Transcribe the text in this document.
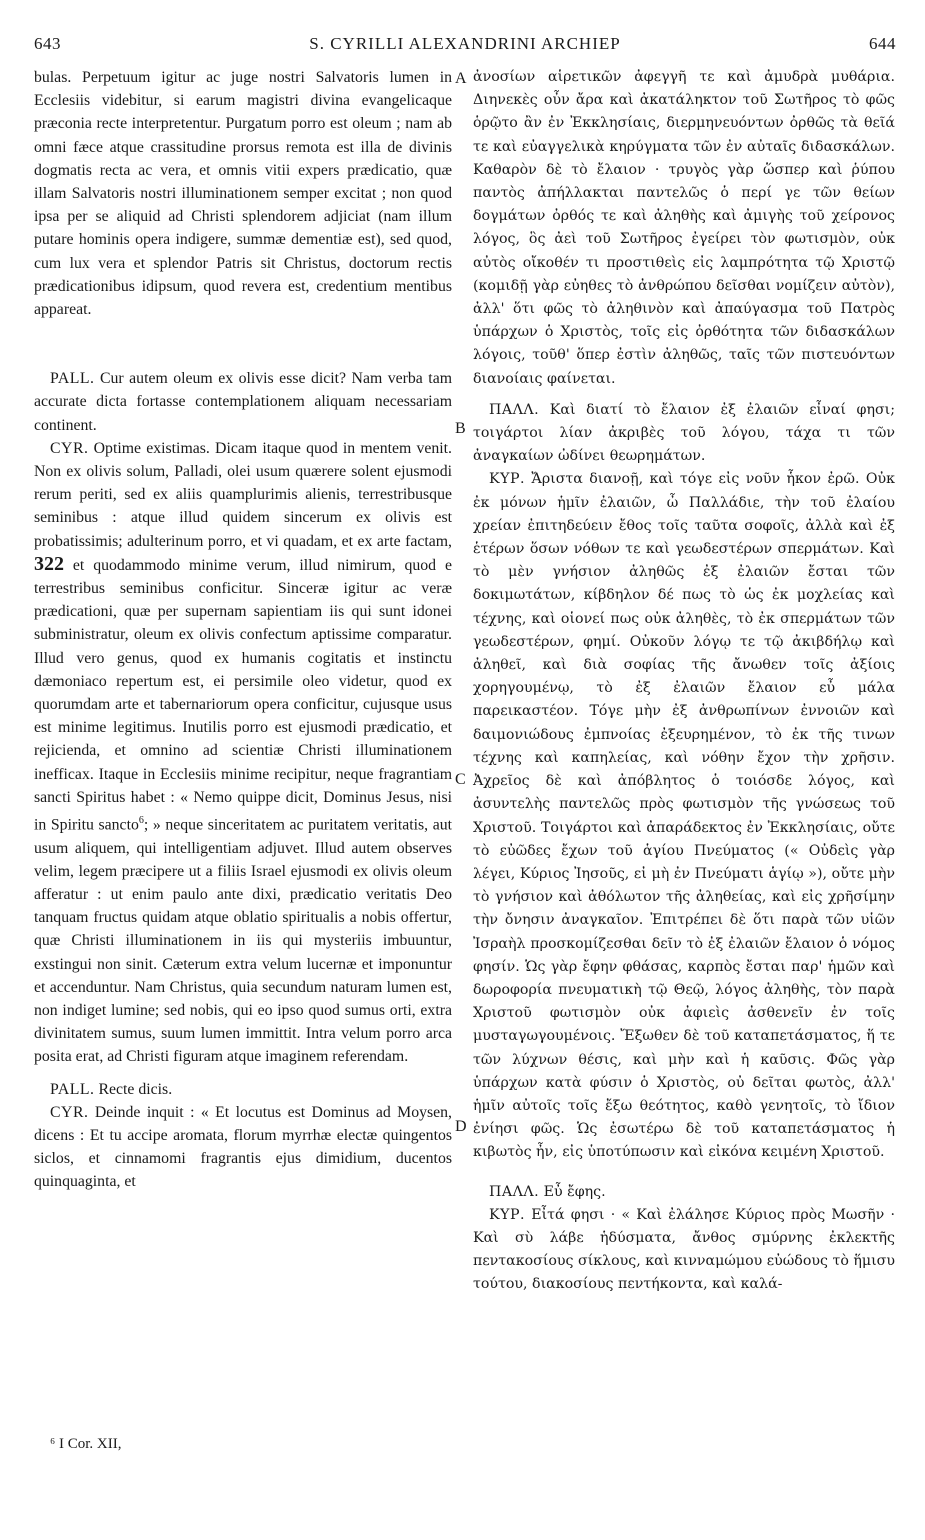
643	S. CYRILLI ALEXANDRINI ARCHIEP	644
A
B
C
D

bulas. Perpetuum igitur ac juge nostri Salvatoris lumen in Ecclesiis videbitur, si earum magistri divina evangelicaque præconia recte interpretentur. Purgatum porro est oleum ; nam ab omni fæce atque crassitudine prorsus remota est illa de divinis dogmatis recta ac vera, et omnis vitii expers prædicatio, quæ illam Salvatoris nostri illuminationem semper excitat ; non quod ipsa per se aliquid ad Christi splendorem adjiciat (nam illum putare hominis opera indigere, summæ dementiæ est), sed quod, cum lux vera et splendor Patris sit Christus, doctorum rectis prædicationibus idipsum, quod revera est, credentium mentibus appareat.

PALL. Cur autem oleum ex olivis esse dicit? Nam verba tam accurate dicta fortasse contemplationem aliquam necessariam continent.

CYR. Optime existimas. Dicam itaque quod in mentem venit. Non ex olivis solum, Palladi, olei usum quærere solent ejusmodi rerum periti, sed ex aliis quamplurimis alienis, terrestribusque seminibus : atque illud quidem sincerum ex olivis est probatissimis; adulterinum porro, et vi quadam, et ex arte factam, 322 et quodammodo minime verum, illud nimirum, quod e terrestribus seminibus conficitur. Sinceræ igitur ac veræ prædicationi, quæ per supernam sapientiam iis qui sunt idonei subministratur, oleum ex olivis confectum aptissime comparatur. Illud vero genus, quod ex humanis cogitatis et instinctu dæmoniaco repertum est, ei persimile oleo videtur, quod ex quorumdam arte et tabernariorum opera conficitur, cujusque usus est minime legitimus. Inutilis porro est ejusmodi prædicatio, et rejicienda, et omnino ad scientiæ Christi illuminationem inefficax. Itaque in Ecclesiis minime recipitur, neque fragrantiam sancti Spiritus habet : « Nemo quippe dicit, Dominus Jesus, nisi in Spiritu sancto$^6$; » neque sinceritatem ac puritatem veritatis, aut usum aliquem, qui intelligentiam adjuvet. Illud autem observes velim, legem præcipere ut a filiis Israel ejusmodi ex olivis oleum afferatur : ut enim paulo ante dixi, prædicatio veritatis Deo tanquam fructus quidam atque oblatio spiritualis a nobis offertur, quæ Christi illuminationem in iis qui mysteriis imbuuntur, exstingui non sinit. Cæterum extra velum lucernæ et imponuntur et accenduntur. Nam Christus, quia secundum naturam lumen est, non indiget lumine; sed nobis, qui eo ipso quod sumus orti, extra divinitatem sumus, suum lumen immittit. Intra velum porro arca posita erat, ad Christi figuram atque imaginem referendam.

PALL. Recte dicis.

CYR. Deinde inquit : « Et locutus est Dominus ad Moysen, dicens : Et tu accipe aromata, florum myrrhæ electæ quingentos siclos, et cinnamomi fragrantis ejus dimidium, ducentos quinquaginta, et

ἀνοσίων αἱρετικῶν ἀφεγγῆ τε καὶ ἀμυδρὰ μυθάρια. Διηνεκὲς οὖν ἄρα καὶ ἀκατάληκτον τοῦ Σωτῆρος τὸ φῶς ὁρῷτο ἂν ἐν Ἐκκλησίαις, διερμηνευόντων ὀρθῶς τὰ θεῖά τε καὶ εὐαγγελικὰ κηρύγματα τῶν ἐν αὐταῖς διδασκάλων. Καθαρὸν δὲ τὸ ἔλαιον · τρυγὸς γὰρ ὥσπερ καὶ ῥύπου παντὸς ἀπήλλακται παντελῶς ὁ περί γε τῶν θείων δογμάτων ὀρθός τε καὶ ἀληθὴς καὶ ἀμιγὴς τοῦ χείρονος λόγος, ὃς ἀεὶ τοῦ Σωτῆρος ἐγείρει τὸν φωτισμὸν, οὐκ αὐτὸς οἴκοθέν τι προστιθεὶς εἰς λαμπρότητα τῷ Χριστῷ (κομιδῇ γὰρ εὐηθες τὸ ἀνθρώπου δεῖσθαι νομίζειν αὐτὸν), ἀλλ' ὅτι φῶς τὸ ἀληθινὸν καὶ ἀπαύγασμα τοῦ Πατρὸς ὑπάρχων ὁ Χριστὸς, τοῖς εἰς ὀρθότητα τῶν διδασκάλων λόγοις, τοῦθ' ὅπερ ἐστὶν ἀληθῶς, ταῖς τῶν πιστευόντων διανοίαις φαίνεται.

ΠΑΛΛ. Καὶ διατί τὸ ἔλαιον ἐξ ἐλαιῶν εἶναί φησι; τοιγάρτοι λίαν ἀκριβὲς τοῦ λόγου, τάχα τι τῶν ἀναγκαίων ὠδίνει θεωρημάτων.

ΚΥΡ. Ἄριστα διανοῇ, καὶ τόγε εἰς νοῦν ἧκον ἐρῶ. Οὐκ ἐκ μόνων ἡμῖν ἐλαιῶν, ὦ Παλλάδιε, τὴν τοῦ ἐλαίου χρείαν ἐπιτηδεύειν ἔθος τοῖς ταῦτα σοφοῖς, ἀλλὰ καὶ ἐξ ἑτέρων ὅσων νόθων τε καὶ γεωδεστέρων σπερμάτων. Καὶ τὸ μὲν γνήσιον ἀληθῶς ἐξ ἐλαιῶν ἔσται τῶν δοκιμωτάτων, κίβδηλον δέ πως τὸ ὡς ἐκ μοχλείας καὶ τέχνης, καὶ οἱονεί πως οὐκ ἀληθὲς, τὸ ἐκ σπερμάτων τῶν γεωδεστέρων, φημί. Οὐκοῦν λόγῳ τε τῷ ἀκιβδήλῳ καὶ ἀληθεῖ, καὶ διὰ σοφίας τῆς ἄνωθεν τοῖς ἀξίοις χορηγουμένῳ, τὸ ἐξ ἐλαιῶν ἔλαιον εὖ μάλα παρεικαστέον. Τόγε μὴν ἐξ ἀνθρωπίνων ἐννοιῶν καὶ δαιμονιώδους ἐμπνοίας ἐξευρημένον, τὸ ἐκ τῆς τινων τέχνης καὶ καπηλείας, καὶ νόθην ἔχον τὴν χρῆσιν. Ἀχρεῖος δὲ καὶ ἀπόβλητος ὁ τοιόσδε λόγος, καὶ ἀσυντελὴς παντελῶς πρὸς φωτισμὸν τῆς γνώσεως τοῦ Χριστοῦ. Τοιγάρτοι καὶ ἀπαράδεκτος ἐν Ἐκκλησίαις, οὔτε τὸ εὐῶδες ἔχων τοῦ ἁγίου Πνεύματος (« Οὐδεὶς γὰρ λέγει, Κύριος Ἰησοῦς, εἰ μὴ ἐν Πνεύματι ἁγίῳ »), οὔτε μὴν τὸ γνήσιον καὶ ἀθόλωτον τῆς ἀληθείας, καὶ εἰς χρῆσίμην τὴν ὄνησιν ἀναγκαῖον. Ἐπιτρέπει δὲ ὅτι παρὰ τῶν υἱῶν Ἰσραὴλ προσκομίζεσθαι δεῖν τὸ ἐξ ἐλαιῶν ἔλαιον ὁ νόμος φησίν. Ὡς γὰρ ἔφην φθάσας, καρπὸς ἔσται παρ' ἡμῶν καὶ δωροφορία πνευματικὴ τῷ Θεῷ, λόγος ἀληθὴς, τὸν παρὰ Χριστοῦ φωτισμὸν οὐκ ἀφιεὶς ἀσθενεῖν ἐν τοῖς μυσταγωγουμένοις. Ἔξωθεν δὲ τοῦ καταπετάσματος, ἥ τε τῶν λύχνων θέσις, καὶ μὴν καὶ ἡ καῦσις. Φῶς γὰρ ὑπάρχων κατὰ φύσιν ὁ Χριστὸς, οὐ δεῖται φωτὸς, ἀλλ' ἡμῖν αὐτοῖς τοῖς ἔξω θεότητος, καθὸ γενητοῖς, τὸ ἴδιον ἐνίησι φῶς. Ὡς ἐσωτέρω δὲ τοῦ καταπετάσματος ἡ κιβωτὸς ἦν, εἰς ὑποτύπωσιν καὶ εἰκόνα κειμένη Χριστοῦ.

ΠΑΛΛ. Εὖ ἔφης.

ΚΥΡ. Εἶτά φησι · « Καὶ ἐλάλησε Κύριος πρὸς Μωσῆν · Καὶ σὺ λάβε ἡδύσματα, ἄνθος σμύρνης ἐκλεκτῆς πεντακοσίους σίκλους, καὶ κινναμώμου εὐώδους τὸ ἥμισυ τούτου, διακοσίους πεντήκοντα, καὶ καλά-

⁶ I Cor. XII,
